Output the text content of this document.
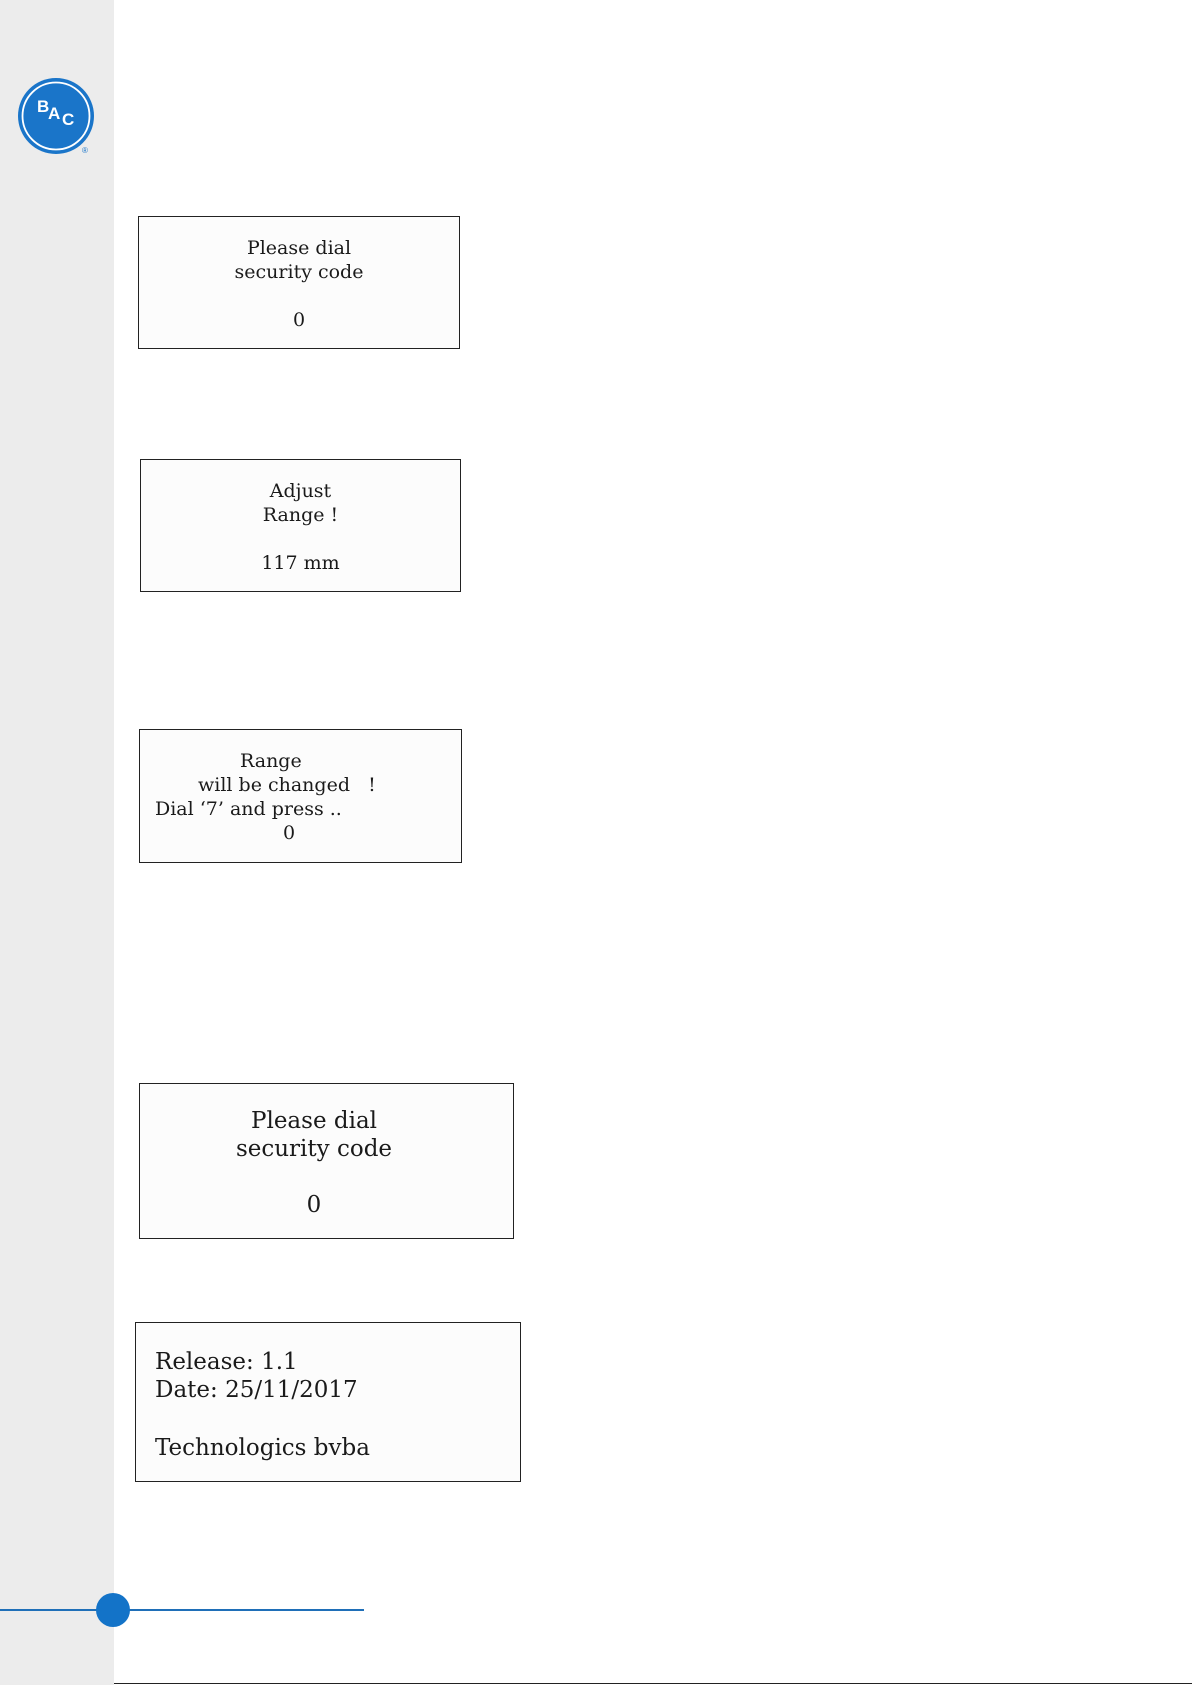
B
A C
®
Please dial
security code
0
Adjust
Range !
117 mm
Range
will be changed   !
Dial ‘7’ and press ..
0
Please dial
security code
0
Release: 1.1
Date: 25/11/2017
Technologics bvba
